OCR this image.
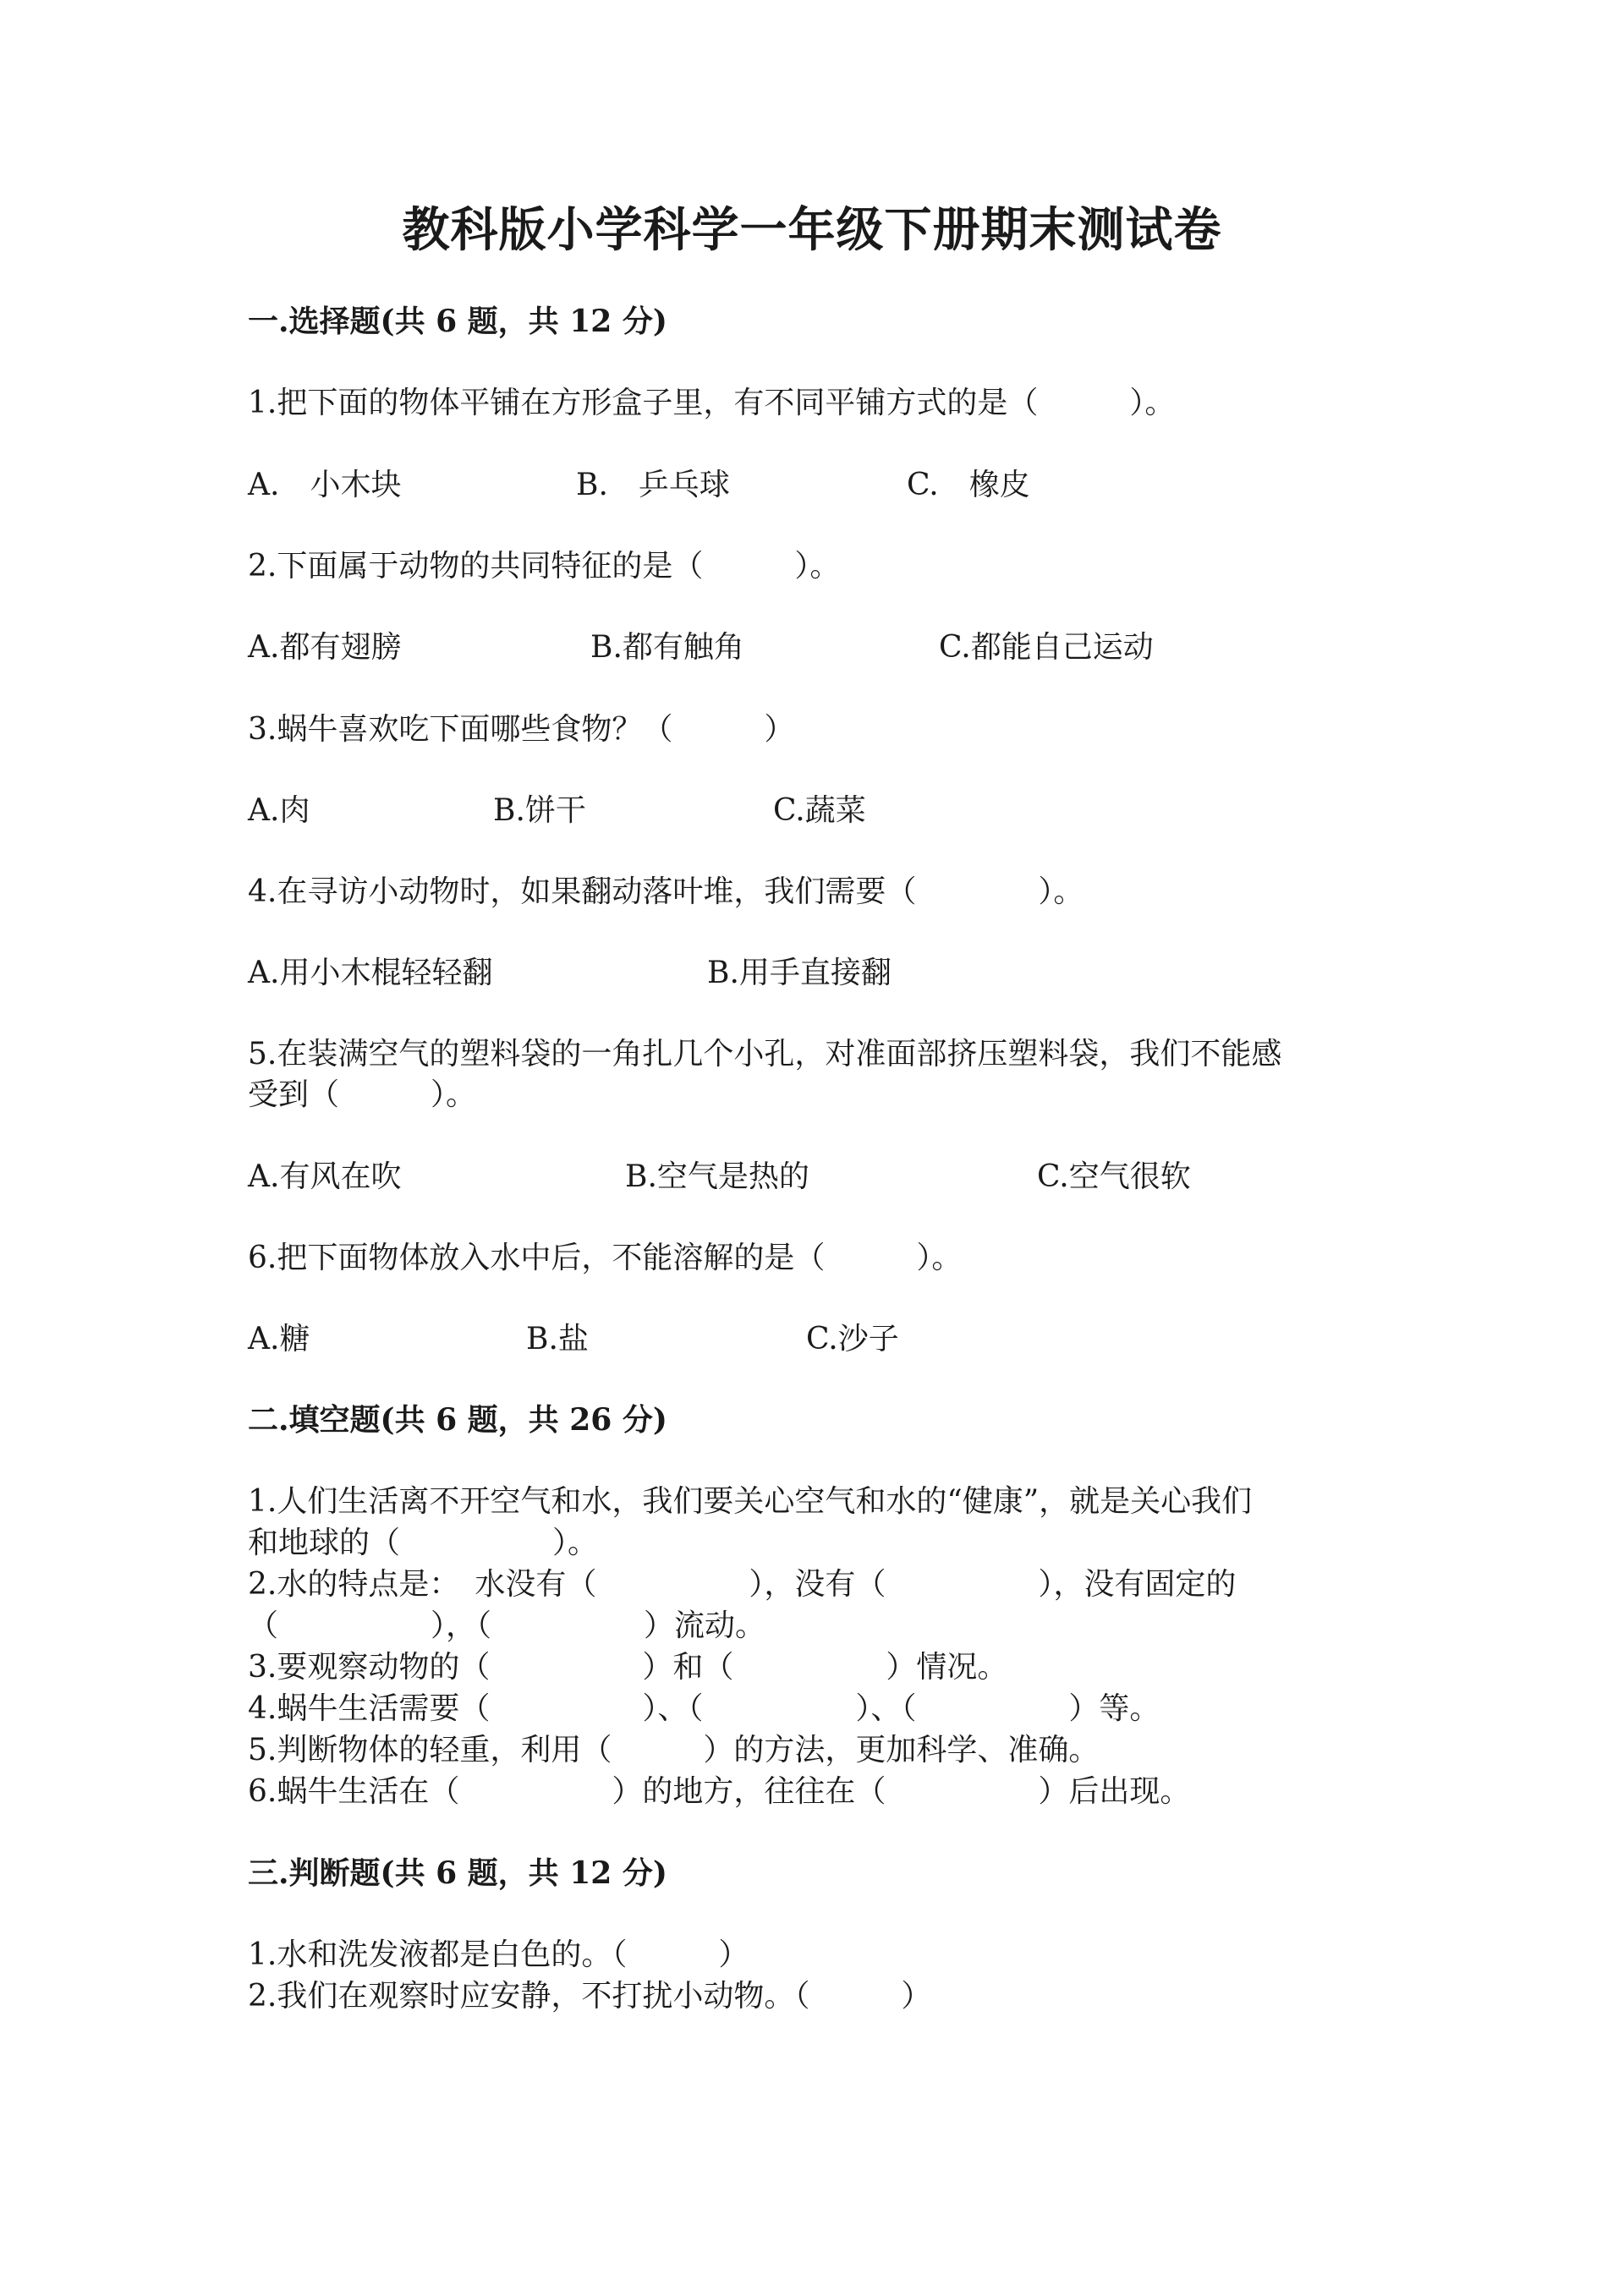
教科版小学科学一年级下册期末测试卷
一.选择题(共 6 题，共 12 分)
1.把下面的物体平铺在方形盒子里，有不同平铺方式的是（　　　）。
A.　小木块	B.　乒乓球	C.　橡皮
2.下面属于动物的共同特征的是（　　　）。
A.都有翅膀	B.都有触角	C.都能自己运动
3.蜗牛喜欢吃下面哪些食物？（　　　）
A.肉	B.饼干	C.蔬菜
4.在寻访小动物时，如果翻动落叶堆，我们需要（　　　　）。
A.用小木棍轻轻翻	B.用手直接翻
5.在装满空气的塑料袋的一角扎几个小孔，对准面部挤压塑料袋，我们不能感
受到（　　　）。
A.有风在吹	B.空气是热的	C.空气很软
6.把下面物体放入水中后，不能溶解的是（　　　）。
A.糖	B.盐	C.沙子
二.填空题(共 6 题，共 26 分)
1.人们生活离不开空气和水，我们要关心空气和水的“健康”，就是关心我们
和地球的（　　　　　）。
2.水的特点是：　水没有（　　　　　），没有（　　　　　），没有固定的
（　　　　　），（　　　　　）流动。
3.要观察动物的（　　　　　）和（　　　　　）情况。
4.蜗牛生活需要（　　　　　）、（　　　　　）、（　　　　　）等。
5.判断物体的轻重，利用（　　　）的方法，更加科学、准确。
6.蜗牛生活在（　　　　　）的地方，往往在（　　　　　）后出现。
三.判断题(共 6 题，共 12 分)
1.水和洗发液都是白色的。（　　　）
2.我们在观察时应安静，不打扰小动物。（　　　）
